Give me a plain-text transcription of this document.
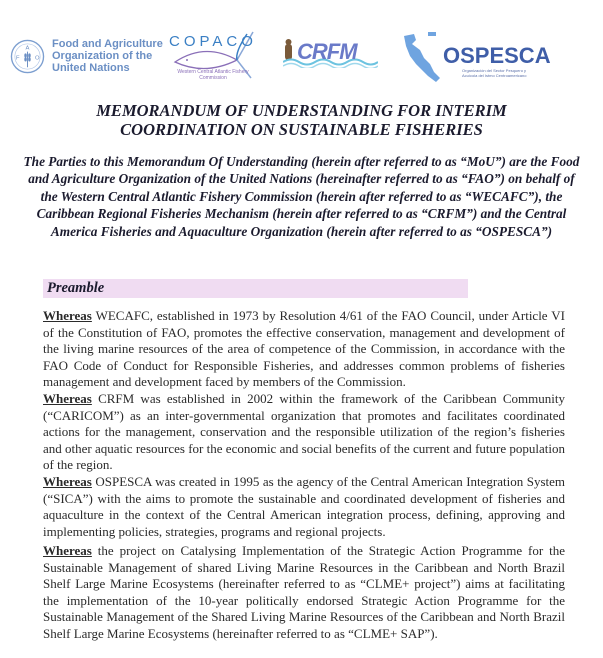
A
F	O
Food and Agriculture
Organization of the
United Nations
COPACO
Western Central Atlantic Fishery Commission
CRFM	OSPESCA
Organización del Sector Pesquero y Acuícola del Istmo Centroamericano
MEMORANDUM OF UNDERSTANDING FOR INTERIM
COORDINATION ON SUSTAINABLE FISHERIES
The Parties to this Memorandum Of Understanding (herein after referred to as “MoU”) are the Food and Agriculture Organization of the United Nations (hereinafter referred to as “FAO”) on behalf of the Western Central Atlantic Fishery Commission (herein after referred to as “WECAFC”), the Caribbean Regional Fisheries Mechanism (herein after referred to as “CRFM”) and the Central America Fisheries and Aquaculture Organization (herein after referred to as “OSPESCA”)
Preamble
Whereas WECAFC, established in 1973 by Resolution 4/61 of the FAO Council, under Article VI of the Constitution of FAO, promotes the effective conservation, management and development of the living marine resources of the area of competence of the Commission, in accordance with the FAO Code of Conduct for Responsible Fisheries, and addresses common problems of fisheries management and development faced by members of the Commission.
Whereas CRFM was established in 2002 within the framework of the Caribbean Community (“CARICOM”) as an inter-governmental organization that promotes and facilitates coordinated actions for the management, conservation and the responsible utilization of the region’s fisheries and other aquatic resources for the economic and social benefits of the current and future population of the region.
Whereas OSPESCA was created in 1995 as the agency of the Central American Integration System (“SICA”) with the aims to promote the sustainable and coordinated development of fisheries and aquaculture in the context of the Central American integration process, defining, approving and implementing policies, strategies, programs and regional projects.
Whereas the project on Catalysing Implementation of the Strategic Action Programme for the Sustainable Management of shared Living Marine Resources in the Caribbean and North Brazil Shelf Large Marine Ecosystems (hereinafter referred to as “CLME+ project”) aims at facilitating the implementation of the 10-year politically endorsed Strategic Action Programme for the Sustainable Management of the Shared Living Marine Resources of the Caribbean and North Brazil Shelf Large Marine Ecosystems (hereinafter referred to as “CLME+ SAP”).
